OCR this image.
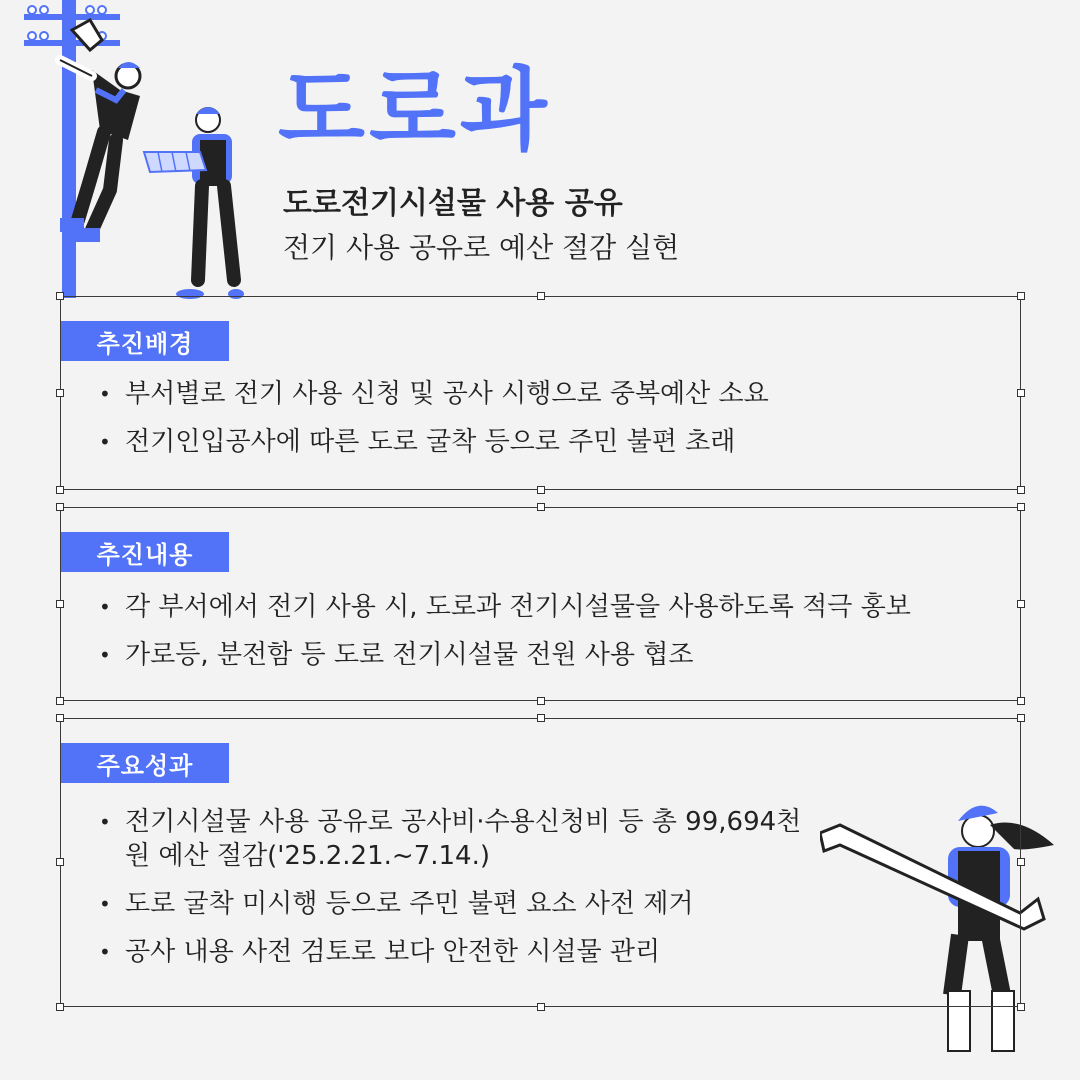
도로과
도로전기시설물 사용 공유
전기 사용 공유로 예산 절감 실현
추진배경
• 부서별로 전기 사용 신청 및 공사 시행으로 중복예산 소요
• 전기인입공사에 따른 도로 굴착 등으로 주민 불편 초래
추진내용
• 각 부서에서 전기 사용 시, 도로과 전기시설물을 사용하도록 적극 홍보
• 가로등, 분전함 등 도로 전기시설물 전원 사용 협조
주요성과
• 전기시설물 사용 공유로 공사비·수용신청비 등 총 99,694천원 예산 절감('25.2.21.~7.14.)
• 도로 굴착 미시행 등으로 주민 불편 요소 사전 제거
• 공사 내용 사전 검토로 보다 안전한 시설물 관리
